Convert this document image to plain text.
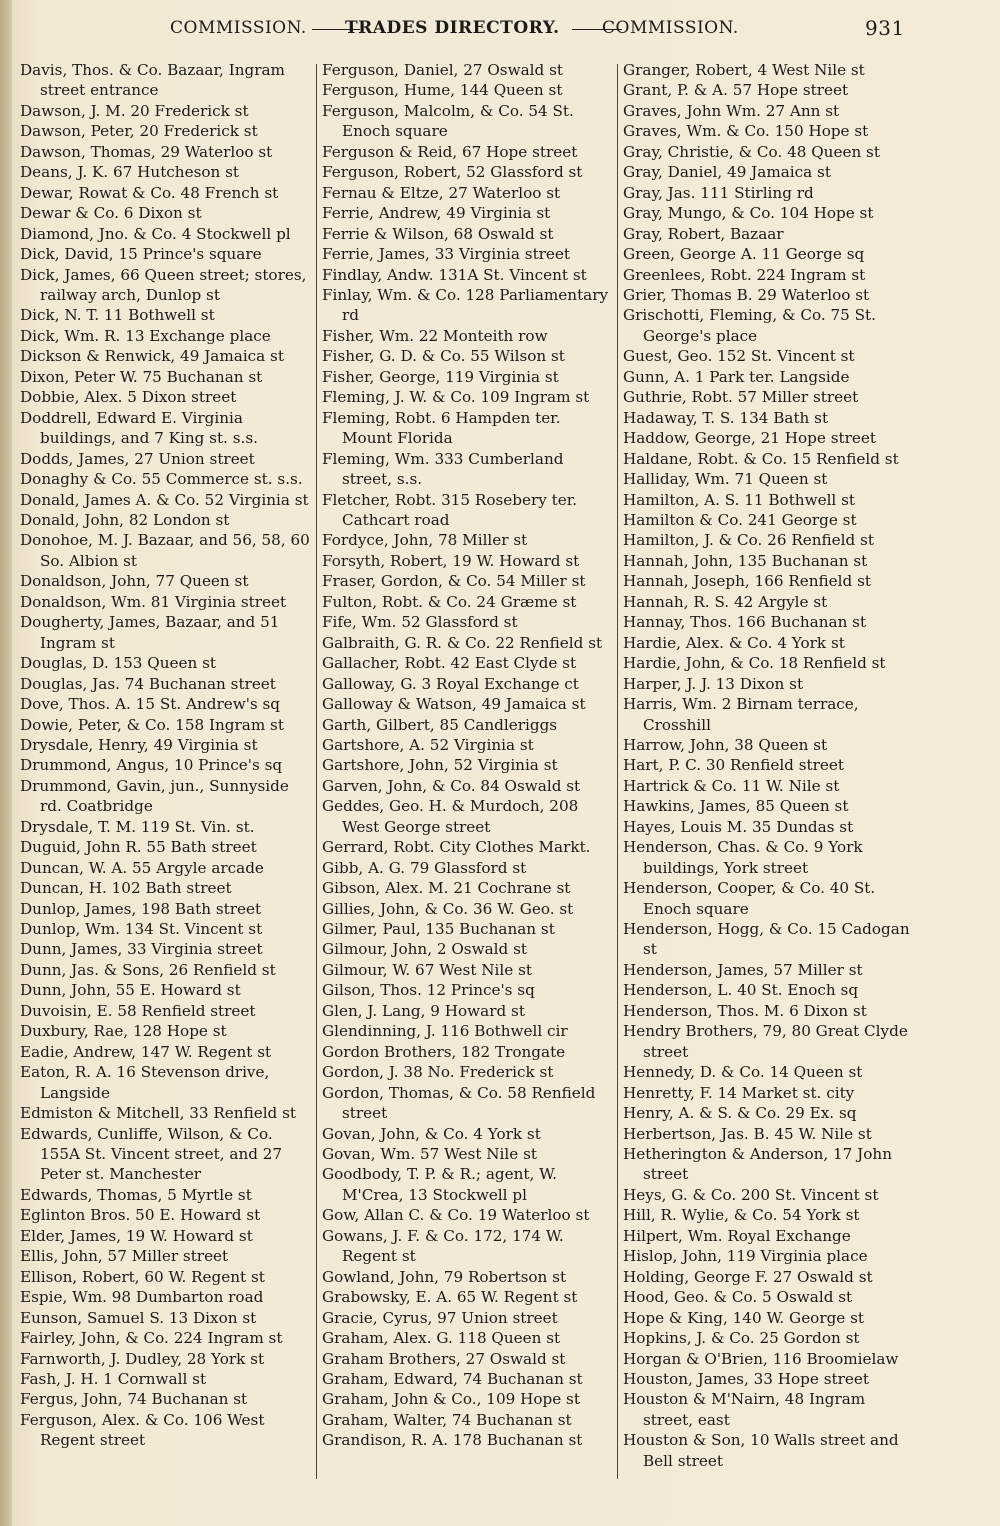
COMMISSION. TRADES DIRECTORY. COMMISSION.	931
Davis, Thos. & Co. Bazaar, Ingram street entrance
Dawson, J. M. 20 Frederick st
Dawson, Peter, 20 Frederick st
Dawson, Thomas, 29 Waterloo st
Deans, J. K. 67 Hutcheson st
Dewar, Rowat & Co. 48 French st
Dewar & Co. 6 Dixon st
Diamond, Jno. & Co. 4 Stockwell pl
Dick, David, 15 Prince's square
Dick, James, 66 Queen street; stores, railway arch, Dunlop st
Dick, N. T. 11 Bothwell st
Dick, Wm. R. 13 Exchange place
Dickson & Renwick, 49 Jamaica st
Dixon, Peter W. 75 Buchanan st
Dobbie, Alex. 5 Dixon street
Doddrell, Edward E. Virginia buildings, and 7 King st. s.s.
Dodds, James, 27 Union street
Donaghy & Co. 55 Commerce st. s.s.
Donald, James A. & Co. 52 Virginia st
Donald, John, 82 London st
Donohoe, M. J. Bazaar, and 56, 58, 60 So. Albion st
Donaldson, John, 77 Queen st
Donaldson, Wm. 81 Virginia street
Dougherty, James, Bazaar, and 51 Ingram st
Douglas, D. 153 Queen st
Douglas, Jas. 74 Buchanan street
Dove, Thos. A. 15 St. Andrew's sq
Dowie, Peter, & Co. 158 Ingram st
Drysdale, Henry, 49 Virginia st
Drummond, Angus, 10 Prince's sq
Drummond, Gavin, jun., Sunnyside rd. Coatbridge
Drysdale, T. M. 119 St. Vin. st.
Duguid, John R. 55 Bath street
Duncan, W. A. 55 Argyle arcade
Duncan, H. 102 Bath street
Dunlop, James, 198 Bath street
Dunlop, Wm. 134 St. Vincent st
Dunn, James, 33 Virginia street
Dunn, Jas. & Sons, 26 Renfield st
Dunn, John, 55 E. Howard st
Duvoisin, E. 58 Renfield street
Duxbury, Rae, 128 Hope st
Eadie, Andrew, 147 W. Regent st
Eaton, R. A. 16 Stevenson drive, Langside
Edmiston & Mitchell, 33 Renfield st
Edwards, Cunliffe, Wilson, & Co. 155A St. Vincent street, and 27 Peter st. Manchester
Edwards, Thomas, 5 Myrtle st
Eglinton Bros. 50 E. Howard st
Elder, James, 19 W. Howard st
Ellis, John, 57 Miller street
Ellison, Robert, 60 W. Regent st
Espie, Wm. 98 Dumbarton road
Eunson, Samuel S. 13 Dixon st
Fairley, John, & Co. 224 Ingram st
Farnworth, J. Dudley, 28 York st
Fash, J. H. 1 Cornwall st
Fergus, John, 74 Buchanan st
Ferguson, Alex. & Co. 106 West Regent street
Ferguson, Daniel, 27 Oswald st
Ferguson, Hume, 144 Queen st
Ferguson, Malcolm, & Co. 54 St. Enoch square
Ferguson & Reid, 67 Hope street
Ferguson, Robert, 52 Glassford st
Fernau & Eltze, 27 Waterloo st
Ferrie, Andrew, 49 Virginia st
Ferrie & Wilson, 68 Oswald st
Ferrie, James, 33 Virginia street
Findlay, Andw. 131A St. Vincent st
Finlay, Wm. & Co. 128 Parliamentary rd
Fisher, Wm. 22 Monteith row
Fisher, G. D. & Co. 55 Wilson st
Fisher, George, 119 Virginia st
Fleming, J. W. & Co. 109 Ingram st
Fleming, Robt. 6 Hampden ter. Mount Florida
Fleming, Wm. 333 Cumberland street, s.s.
Fletcher, Robt. 315 Rosebery ter. Cathcart road
Fordyce, John, 78 Miller st
Forsyth, Robert, 19 W. Howard st
Fraser, Gordon, & Co. 54 Miller st
Fulton, Robt. & Co. 24 Græme st
Fife, Wm. 52 Glassford st
Galbraith, G. R. & Co. 22 Renfield st
Gallacher, Robt. 42 East Clyde st
Galloway, G. 3 Royal Exchange ct
Galloway & Watson, 49 Jamaica st
Garth, Gilbert, 85 Candleriggs
Gartshore, A. 52 Virginia st
Gartshore, John, 52 Virginia st
Garven, John, & Co. 84 Oswald st
Geddes, Geo. H. & Murdoch, 208 West George street
Gerrard, Robt. City Clothes Markt.
Gibb, A. G. 79 Glassford st
Gibson, Alex. M. 21 Cochrane st
Gillies, John, & Co. 36 W. Geo. st
Gilmer, Paul, 135 Buchanan st
Gilmour, John, 2 Oswald st
Gilmour, W. 67 West Nile st
Gilson, Thos. 12 Prince's sq
Glen, J. Lang, 9 Howard st
Glendinning, J. 116 Bothwell cir
Gordon Brothers, 182 Trongate
Gordon, J. 38 No. Frederick st
Gordon, Thomas, & Co. 58 Renfield street
Govan, John, & Co. 4 York st
Govan, Wm. 57 West Nile st
Goodbody, T. P. & R.; agent, W. M'Crea, 13 Stockwell pl
Gow, Allan C. & Co. 19 Waterloo st
Gowans, J. F. & Co. 172, 174 W. Regent st
Gowland, John, 79 Robertson st
Grabowsky, E. A. 65 W. Regent st
Gracie, Cyrus, 97 Union street
Graham, Alex. G. 118 Queen st
Graham Brothers, 27 Oswald st
Graham, Edward, 74 Buchanan st
Graham, John & Co., 109 Hope st
Graham, Walter, 74 Buchanan st
Grandison, R. A. 178 Buchanan st
Granger, Robert, 4 West Nile st
Grant, P. & A. 57 Hope street
Graves, John Wm. 27 Ann st
Graves, Wm. & Co. 150 Hope st
Gray, Christie, & Co. 48 Queen st
Gray, Daniel, 49 Jamaica st
Gray, Jas. 111 Stirling rd
Gray, Mungo, & Co. 104 Hope st
Gray, Robert, Bazaar
Green, George A. 11 George sq
Greenlees, Robt. 224 Ingram st
Grier, Thomas B. 29 Waterloo st
Grischotti, Fleming, & Co. 75 St. George's place
Guest, Geo. 152 St. Vincent st
Gunn, A. 1 Park ter. Langside
Guthrie, Robt. 57 Miller street
Hadaway, T. S. 134 Bath st
Haddow, George, 21 Hope street
Haldane, Robt. & Co. 15 Renfield st
Halliday, Wm. 71 Queen st
Hamilton, A. S. 11 Bothwell st
Hamilton & Co. 241 George st
Hamilton, J. & Co. 26 Renfield st
Hannah, John, 135 Buchanan st
Hannah, Joseph, 166 Renfield st
Hannah, R. S. 42 Argyle st
Hannay, Thos. 166 Buchanan st
Hardie, Alex. & Co. 4 York st
Hardie, John, & Co. 18 Renfield st
Harper, J. J. 13 Dixon st
Harris, Wm. 2 Birnam terrace, Crosshill
Harrow, John, 38 Queen st
Hart, P. C. 30 Renfield street
Hartrick & Co. 11 W. Nile st
Hawkins, James, 85 Queen st
Hayes, Louis M. 35 Dundas st
Henderson, Chas. & Co. 9 York buildings, York street
Henderson, Cooper, & Co. 40 St. Enoch square
Henderson, Hogg, & Co. 15 Cadogan st
Henderson, James, 57 Miller st
Henderson, L. 40 St. Enoch sq
Henderson, Thos. M. 6 Dixon st
Hendry Brothers, 79, 80 Great Clyde street
Hennedy, D. & Co. 14 Queen st
Henretty, F. 14 Market st. city
Henry, A. & S. & Co. 29 Ex. sq
Herbertson, Jas. B. 45 W. Nile st
Hetherington & Anderson, 17 John street
Heys, G. & Co. 200 St. Vincent st
Hill, R. Wylie, & Co. 54 York st
Hilpert, Wm. Royal Exchange
Hislop, John, 119 Virginia place
Holding, George F. 27 Oswald st
Hood, Geo. & Co. 5 Oswald st
Hope & King, 140 W. George st
Hopkins, J. & Co. 25 Gordon st
Horgan & O'Brien, 116 Broomielaw
Houston, James, 33 Hope street
Houston & M'Nairn, 48 Ingram street, east
Houston & Son, 10 Walls street and Bell street
